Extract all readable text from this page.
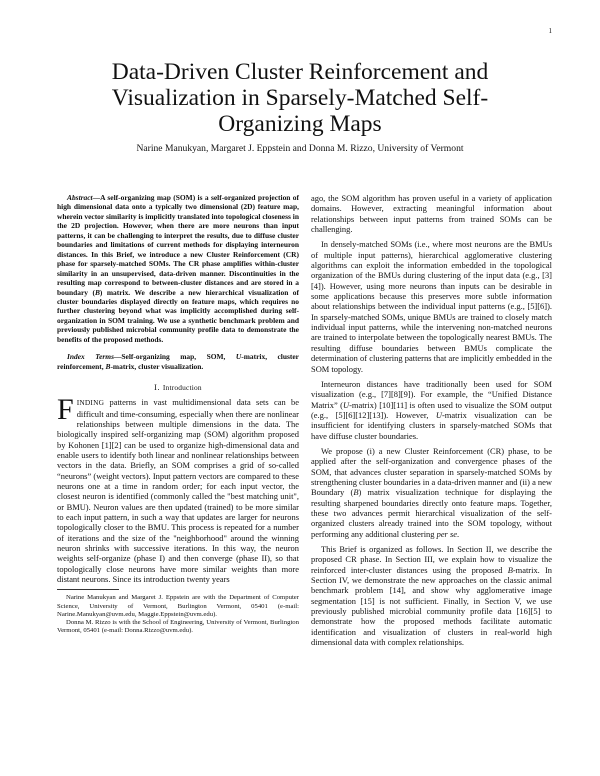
1
Data-Driven Cluster Reinforcement and Visualization in Sparsely-Matched Self-Organizing Maps
Narine Manukyan, Margaret J. Eppstein and Donna M. Rizzo, University of Vermont

Abstract—A self-organizing map (SOM) is a self-organized projection of high dimensional data onto a typically two dimensional (2D) feature map, wherein vector similarity is implicitly translated into topological closeness in the 2D projection. However, when there are more neurons than input patterns, it can be challenging to interpret the results, due to diffuse cluster boundaries and limitations of current methods for displaying interneuron distances. In this Brief, we introduce a new Cluster Reinforcement (CR) phase for sparsely-matched SOMs. The CR phase amplifies within-cluster similarity in an unsupervised, data-driven manner. Discontinuities in the resulting map correspond to between-cluster distances and are stored in a boundary (B) matrix. We describe a new hierarchical visualization of cluster boundaries displayed directly on feature maps, which requires no further clustering beyond what was implicitly accomplished during self-organization in SOM training. We use a synthetic benchmark problem and previously published microbial community profile data to demonstrate the benefits of the proposed methods.

Index Terms—Self-organizing map, SOM, U-matrix, cluster reinforcement, B-matrix, cluster visualization.

I. Introduction

FINDING patterns in vast multidimensional data sets can be difficult and time-consuming, especially when there are nonlinear relationships between multiple dimensions in the data. The biologically inspired self-organizing map (SOM) algorithm proposed by Kohonen [1][2] can be used to organize high-dimensional data and enable users to identify both linear and nonlinear relationships between vectors in the data. Briefly, an SOM comprises a grid of so-called “neurons” (weight vectors). Input pattern vectors are compared to these neurons one at a time in random order; for each input vector, the closest neuron is identified (commonly called the "best matching unit", or BMU). Neuron values are then updated (trained) to be more similar to each input pattern, in such a way that updates are larger for neurons topologically closer to the BMU. This process is repeated for a number of iterations and the size of the "neighborhood" around the winning neuron shrinks with successive iterations. In this way, the neuron weights self-organize (phase I) and then converge (phase II), so that topologically close neurons have more similar weights than more distant neurons. Since its introduction twenty years

Narine Manukyan and Margaret J. Eppstein are with the Department of Computer Science, University of Vermont, Burlington Vermont, 05401 (e-mail: Narine.Manukyan@uvm.edu, Maggie.Eppstein@uvm.edu).

Donna M. Rizzo is with the School of Engineering, University of Vermont, Burlington Vermont, 05401 (e-mail: Donna.Rizzo@uvm.edu).

ago, the SOM algorithm has proven useful in a variety of application domains. However, extracting meaningful information about relationships between input patterns from trained SOMs can be challenging.

In densely-matched SOMs (i.e., where most neurons are the BMUs of multiple input patterns), hierarchical agglomerative clustering algorithms can exploit the information embedded in the topological organization of the BMUs during clustering of the input data (e.g., [3][4]). However, using more neurons than inputs can be desirable in some applications because this preserves more subtle information about relationships between the individual input patterns (e.g., [5][6]). In sparsely-matched SOMs, unique BMUs are trained to closely match individual input patterns, while the intervening non-matched neurons are trained to interpolate between the topologically nearest BMUs. The resulting diffuse boundaries between BMUs complicate the determination of clustering patterns that are implicitly embedded in the SOM topology.

Interneuron distances have traditionally been used for SOM visualization (e.g., [7][8][9]). For example, the “Unified Distance Matrix” (U-matrix) [10][11] is often used to visualize the SOM output (e.g., [5][6][12][13]). However, U-matrix visualization can be insufficient for identifying clusters in sparsely-matched SOMs that have diffuse cluster boundaries.

We propose (i) a new Cluster Reinforcement (CR) phase, to be applied after the self-organization and convergence phases of the SOM, that advances cluster separation in sparsely-matched SOMs by strengthening cluster boundaries in a data-driven manner and (ii) a new Boundary (B) matrix visualization technique for displaying the resulting sharpened boundaries directly onto feature maps. Together, these two advances permit hierarchical visualization of the self-organized clusters already trained into the SOM topology, without performing any additional clustering per se.

This Brief is organized as follows. In Section II, we describe the proposed CR phase. In Section III, we explain how to visualize the reinforced inter-cluster distances using the proposed B-matrix. In Section IV, we demonstrate the new approaches on the classic animal benchmark problem [14], and show why agglomerative image segmentation [15] is not sufficient. Finally, in Section V, we use previously published microbial community profile data [16][5] to demonstrate how the proposed methods facilitate automatic identification and visualization of clusters in real-world high dimensional data with complex relationships.
